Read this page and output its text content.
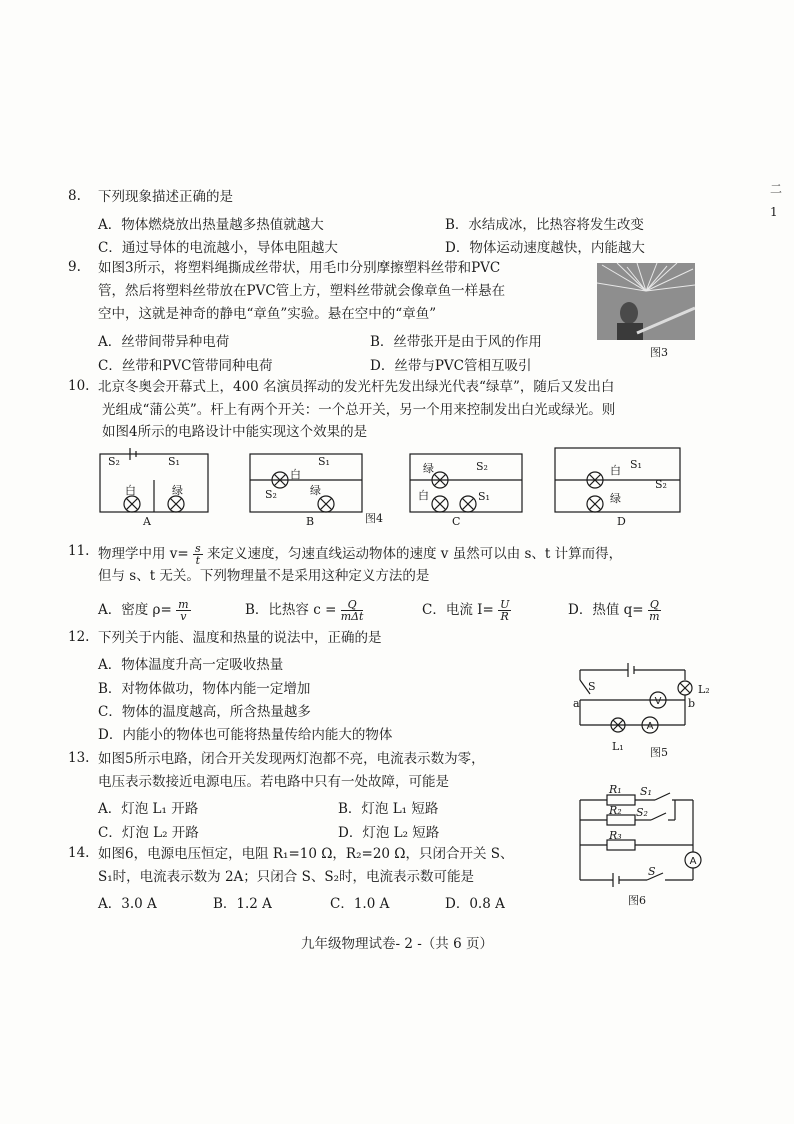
二
1
8. 下列现象描述正确的是
A．物体燃烧放出热量越多热值就越大	B．水结成冰，比热容将发生改变
C．通过导体的电流越小，导体电阻越大	D．物体运动速度越快，内能越大
9. 如图3所示，将塑料绳撕成丝带状，用毛巾分别摩擦塑料丝带和PVC
管，然后将塑料丝带放在PVC管上方，塑料丝带就会像章鱼一样悬在
空中，这就是神奇的静电“章鱼”实验。悬在空中的“章鱼”
A．丝带间带异种电荷	B．丝带张开是由于风的作用
C．丝带和PVC管带同种电荷	D．丝带与PVC管相互吸引
图3
10. 北京冬奥会开幕式上，400 名演员挥动的发光杆先发出绿光代表“绿草”，随后又发出白
光组成“蒲公英”。杆上有两个开关：一个总开关，另一个用来控制发出白光或绿光。则
如图4所示的电路设计中能实现这个效果的是
S₂	S₁
白	绿
S₁
白
S₂	绿
绿	S₂
白	S₁
白 S₁
绿
S₂
A	B	图4	C	D
11. 物理学中用 $v= \frac{s}{t}$ 来定义速度，匀速直线运动物体的速度 v 虽然可以由 s、t 计算而得，
但与 s、t 无关。下列物理量不是采用这种定义方法的是
A．密度 $\rho= \frac{m}{v}$	B．比热容 $c = \frac{Q}{\text{mΔt}}$	C．电流 $I= \frac{U}{R}$	D．热值 $q= \frac{Q}{m}$
12. 下列关于内能、温度和热量的说法中，正确的是
A．物体温度升高一定吸收热量
B．对物体做功，物体内能一定增加
C．物体的温度越高，所含热量越多
D．内能小的物体也可能将热量传给内能大的物体
V
A
S	L₂
a	b
L₁ 图5
13. 如图5所示电路，闭合开关发现两灯泡都不亮，电流表示数为零，
电压表示数接近电源电压。若电路中只有一处故障，可能是
A．灯泡 L₁ 开路	B．灯泡 L₁ 短路
C．灯泡 L₂ 开路	D．灯泡 L₂ 短路
A
R₁ S₁
R₂ S₂
R₃
S
图6
14. 如图6，电源电压恒定，电阻 R₁=10 Ω，R₂=20 Ω，只闭合开关 S、
S₁时，电流表示数为 2A；只闭合 S、S₂时，电流表示数可能是
A．3.0 A	B．1.2 A	C．1.0 A	D．0.8 A
九年级物理试卷- 2 -（共 6 页）
